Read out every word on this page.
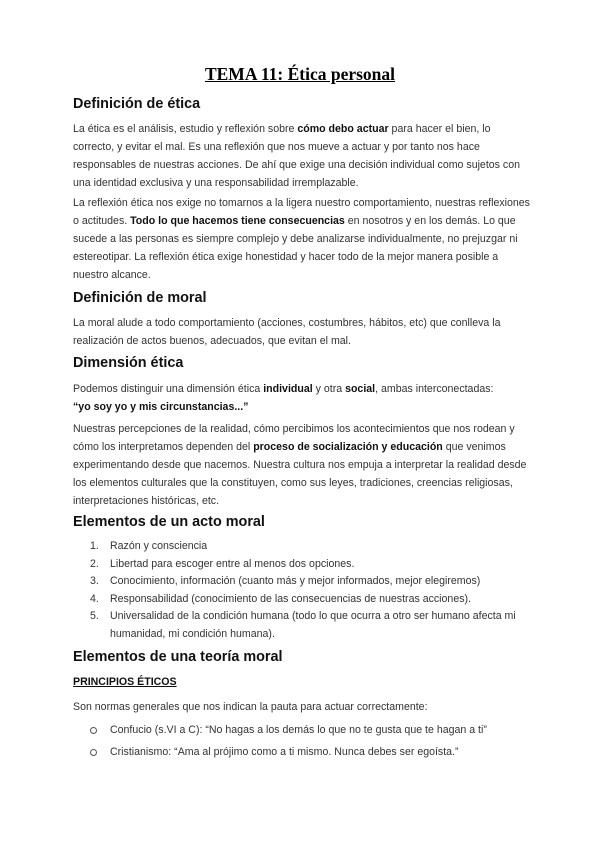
TEMA 11: Ética personal
Definición de ética

La ética es el análisis, estudio y reflexión sobre cómo debo actuar para hacer el bien, lo correcto, y evitar el mal. Es una reflexión que nos mueve a actuar y por tanto nos hace responsables de nuestras acciones. De ahí que exige una decisión individual como sujetos con una identidad exclusiva y una responsabilidad irremplazable.

La reflexión ética nos exige no tomarnos a la ligera nuestro comportamiento, nuestras reflexiones o actitudes. Todo lo que hacemos tiene consecuencias en nosotros y en los demás. Lo que sucede a las personas es siempre complejo y debe analizarse individualmente, no prejuzgar ni estereotipar. La reflexión ética exige honestidad y hacer todo de la mejor manera posible a nuestro alcance.

Definición de moral

La moral alude a todo comportamiento (acciones, costumbres, hábitos, etc) que conlleva la realización de actos buenos, adecuados, que evitan el mal.

Dimensión ética

Podemos distinguir una dimensión ética individual y otra social, ambas interconectadas:
“yo soy yo y mis circunstancias...”

Nuestras percepciones de la realidad, cómo percibimos los acontecimientos que nos rodean y cómo los interpretamos dependen del proceso de socialización y educación que venimos experimentando desde que nacemos. Nuestra cultura nos empuja a interpretar la realidad desde los elementos culturales que la constituyen, como sus leyes, tradiciones, creencias religiosas, interpretaciones históricas, etc.

Elementos de un acto moral
1. Razón y consciencia
2. Libertad para escoger entre al menos dos opciones.
3. Conocimiento, información (cuanto más y mejor informados, mejor elegiremos)
4. Responsabilidad (conocimiento de las consecuencias de nuestras acciones).
5. Universalidad de la condición humana (todo lo que ocurra a otro ser humano afecta mi humanidad, mi condición humana).
Elementos de una teoría moral

PRINCIPIOS ÉTICOS

Son normas generales que nos indican la pauta para actuar correctamente:

Confucio (s.VI a C): “No hagas a los demás lo que no te gusta que te hagan a ti”
Cristianismo: “Ama al prójimo como a ti mismo. Nunca debes ser egoísta.”
